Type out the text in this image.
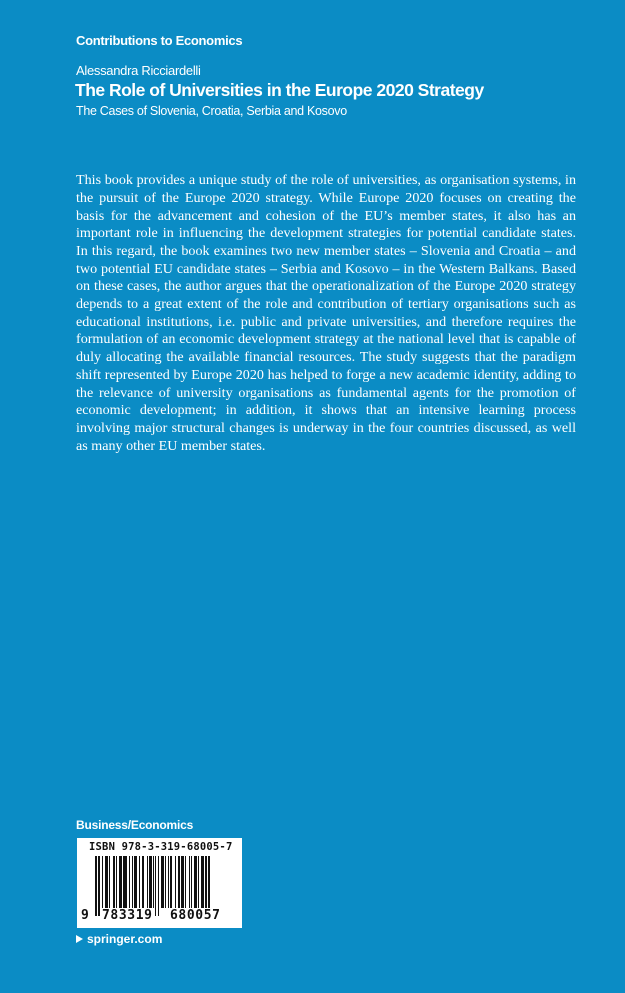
Contributions to Economics
Alessandra Ricciardelli
The Role of Universities in the Europe 2020 Strategy
The Cases of Slovenia, Croatia, Serbia and Kosovo

This book provides a unique study of the role of universities, as organisation systems, in the pursuit of the Europe 2020 strategy. While Europe 2020 focuses on creating the basis for the advancement and cohesion of the EU’s member states, it also has an important role in influencing the development strategies for potential candidate states. In this regard, the book examines two new member states – Slovenia and Croatia – and two potential EU candidate states – Serbia and Kosovo – in the Western Balkans. Based on these cases, the author argues that the operationalization of the Europe 2020 strategy depends to a great extent of the role and contribution of tertiary organisations such as educational institutions, i.e. public and private universities, and therefore requires the formulation of an economic development strategy at the national level that is capable of duly allocating the available financial resources. The study suggests that the paradigm shift represented by Europe 2020 has helped to forge a new academic identity, adding to the relevance of university organisations as fundamental agents for the promotion of economic development; in addition, it shows that an intensive learning process involving major structural changes is underway in the four countries discussed, as well as many other EU member states.

Business/Economics
ISBN 978-3-319-68005-7
9 783319 680057
springer.com
